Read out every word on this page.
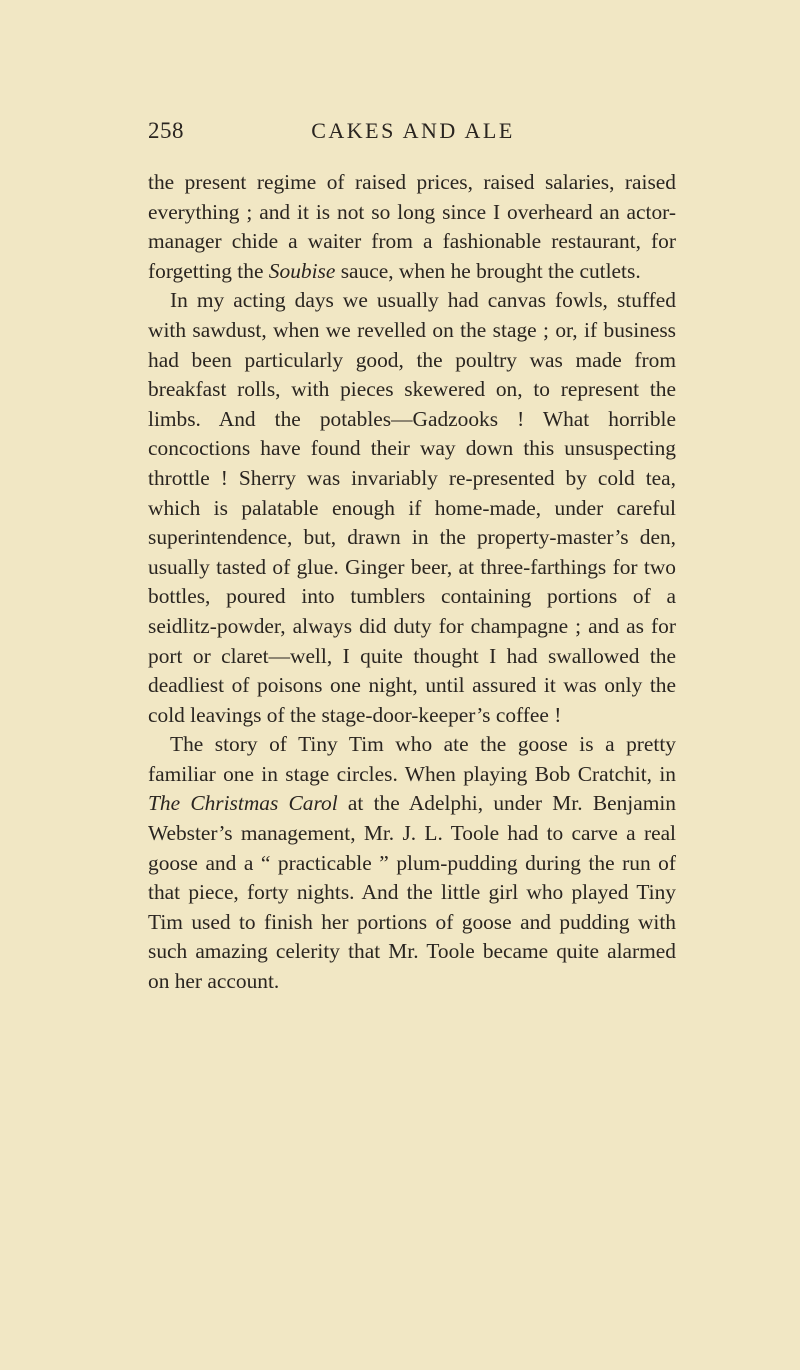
258	CAKES AND ALE

the present regime of raised prices, raised salaries, raised everything ; and it is not so long since I overheard an actor-manager chide a waiter from a fashionable restaurant, for forgetting the Soubise sauce, when he brought the cutlets.

In my acting days we usually had canvas fowls, stuffed with sawdust, when we revelled on the stage ; or, if business had been particularly good, the poultry was made from breakfast rolls, with pieces skewered on, to represent the limbs. And the potables—Gadzooks ! What horrible concoctions have found their way down this unsuspecting throttle ! Sherry was invariably re-presented by cold tea, which is palatable enough if home-made, under careful superintendence, but, drawn in the property-master’s den, usually tasted of glue. Ginger beer, at three-farthings for two bottles, poured into tumblers containing portions of a seidlitz-powder, always did duty for champagne ; and as for port or claret—well, I quite thought I had swallowed the deadliest of poisons one night, until assured it was only the cold leavings of the stage-door-keeper’s coffee !

The story of Tiny Tim who ate the goose is a pretty familiar one in stage circles. When playing Bob Cratchit, in The Christmas Carol at the Adelphi, under Mr. Benjamin Webster’s management, Mr. J. L. Toole had to carve a real goose and a “ practicable ” plum-pudding during the run of that piece, forty nights. And the little girl who played Tiny Tim used to finish her portions of goose and pudding with such amazing celerity that Mr. Toole became quite alarmed on her account.
